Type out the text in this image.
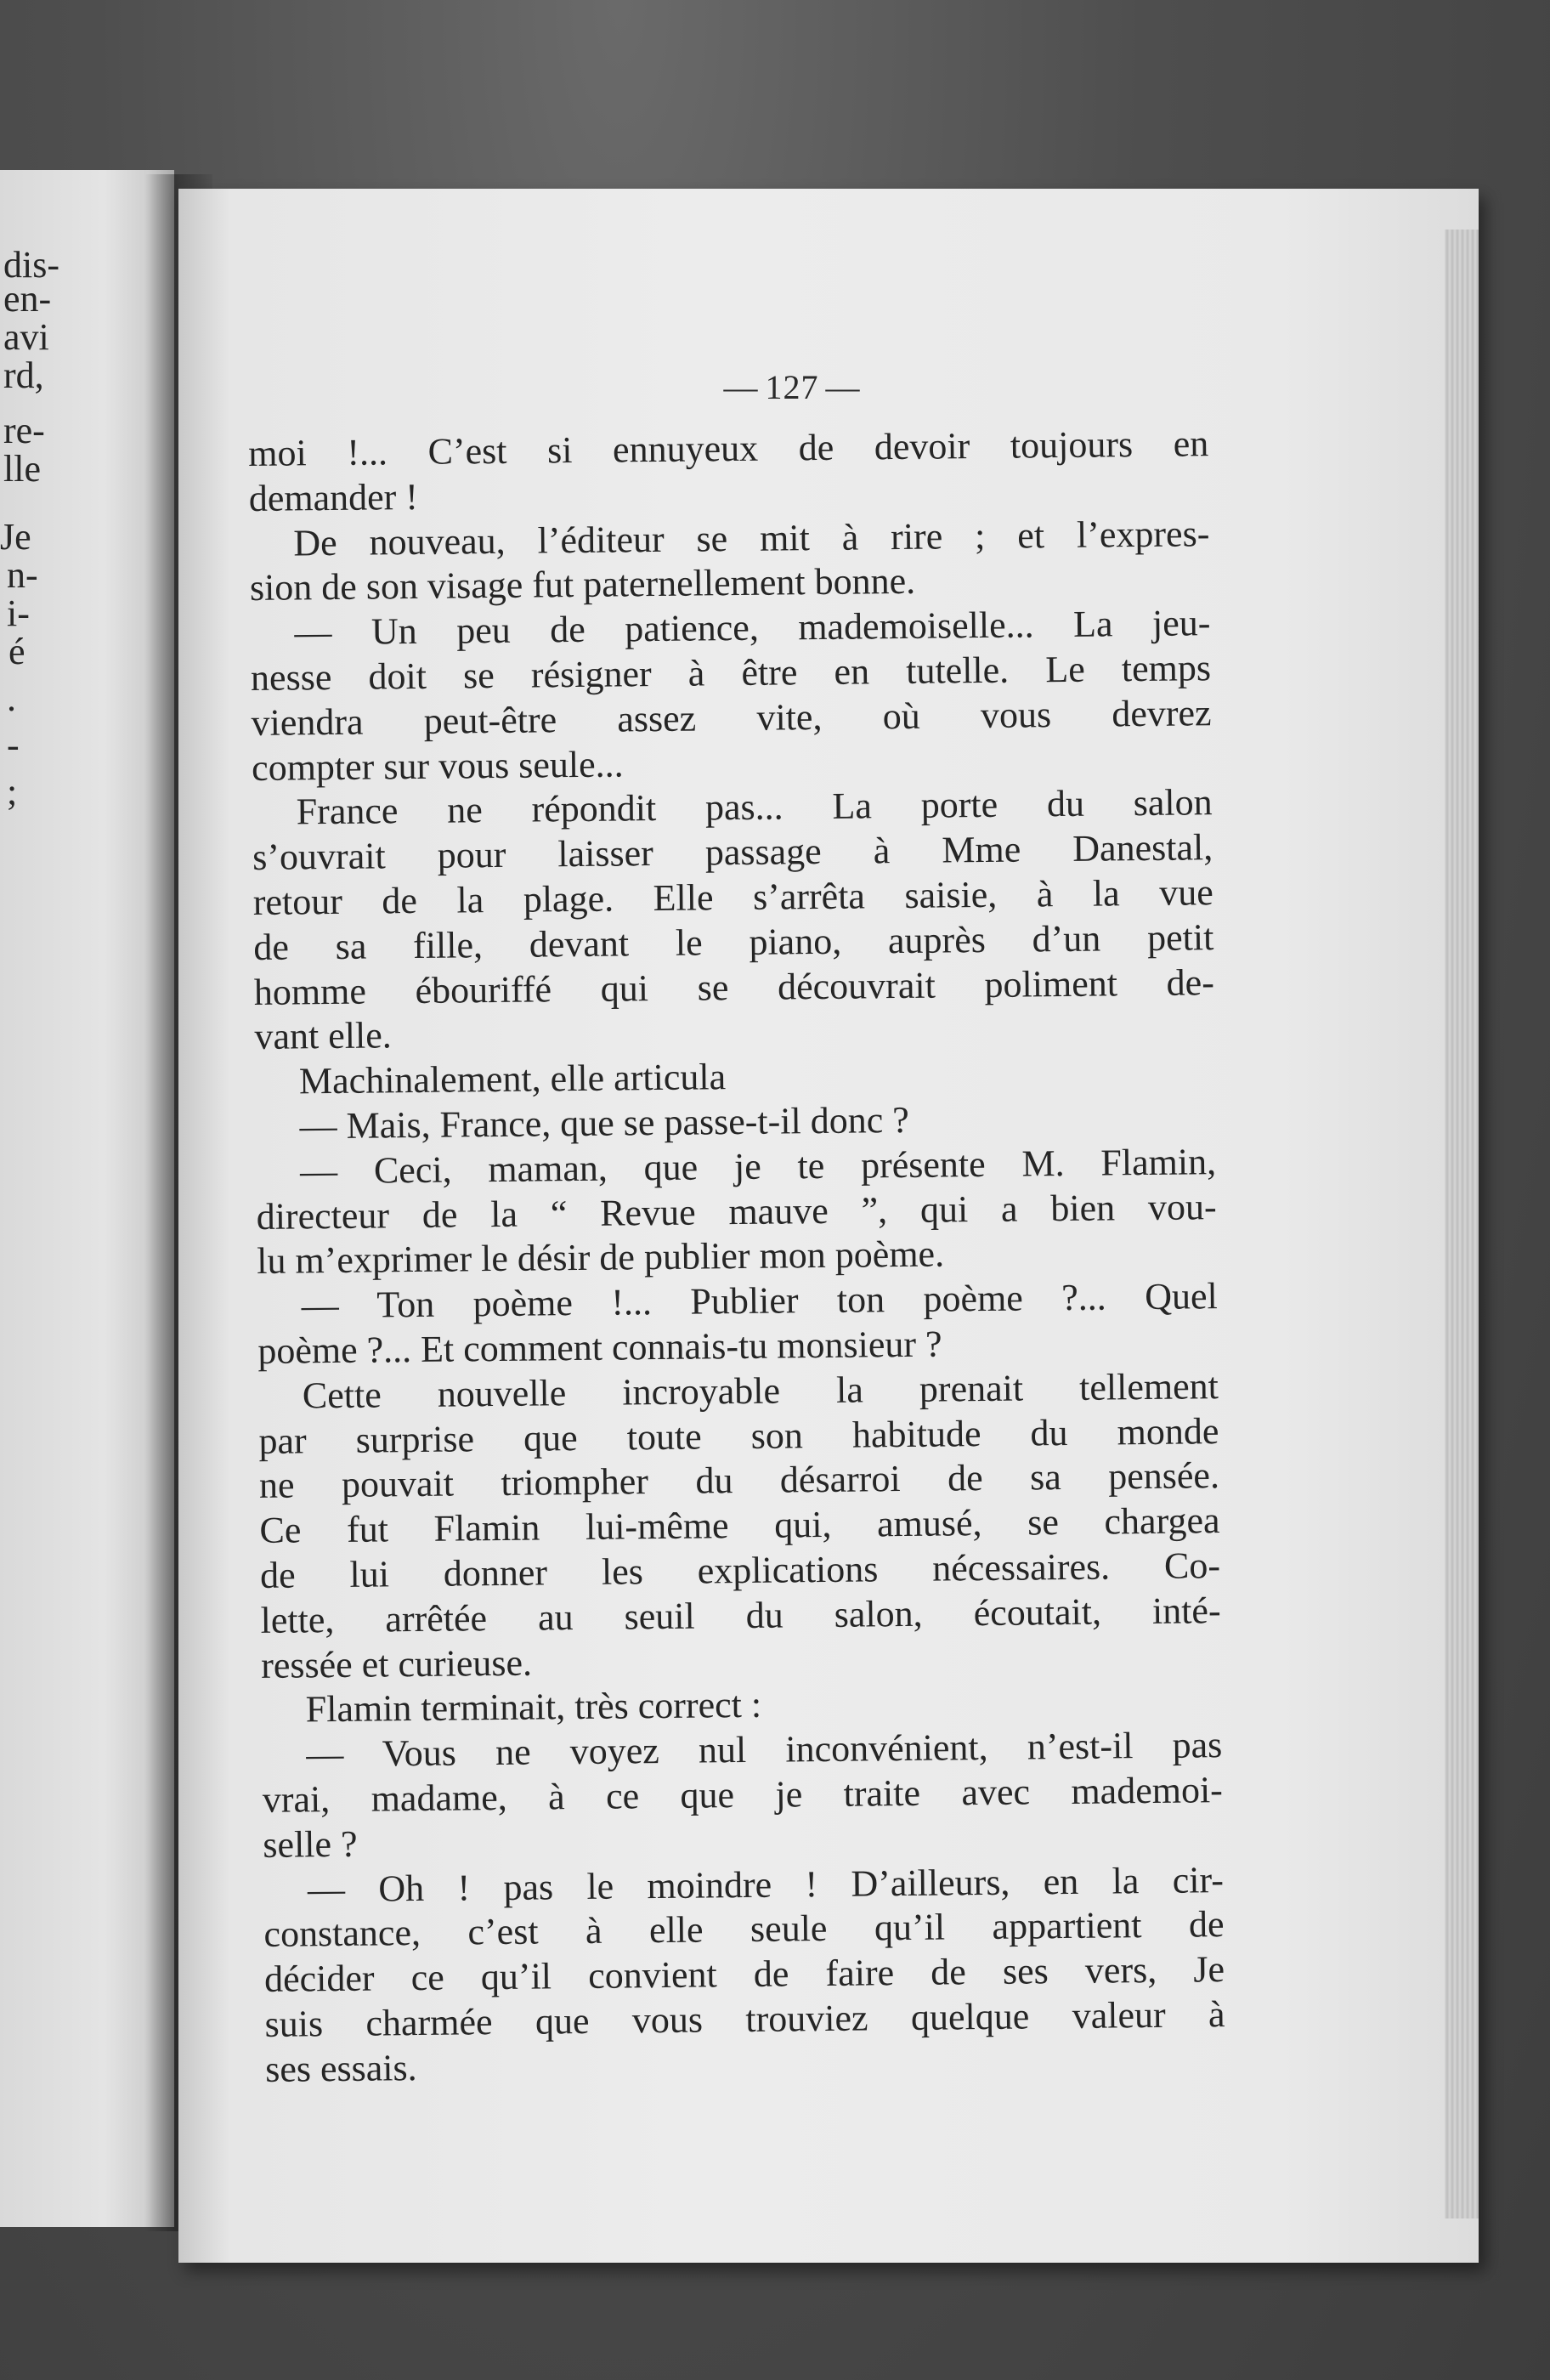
dis-
en-
avi
rd,
re-
lle
Je
n-
i-
é
.
-
;
— 127 —
moi !... C’est si ennuyeux de devoir toujours en
demander !
De nouveau, l’éditeur se mit à rire ; et l’expres-
sion de son visage fut paternellement bonne.
— Un peu de patience, mademoiselle... La jeu-
nesse doit se résigner à être en tutelle. Le temps
viendra peut-être assez vite, où vous devrez
compter sur vous seule...
France ne répondit pas... La porte du salon
s’ouvrait pour laisser passage à Mme Danestal,
retour de la plage. Elle s’arrêta saisie, à la vue
de sa fille, devant le piano, auprès d’un petit
homme ébouriffé qui se découvrait poliment de-
vant elle.
Machinalement, elle articula
— Mais, France, que se passe-t-il donc ?
— Ceci, maman, que je te présente M. Flamin,
directeur de la “ Revue mauve ”, qui a bien vou-
lu m’exprimer le désir de publier mon poème.
— Ton poème !... Publier ton poème ?... Quel
poème ?... Et comment connais-tu monsieur ?
Cette nouvelle incroyable la prenait tellement
par surprise que toute son habitude du monde
ne pouvait triompher du désarroi de sa pensée.
Ce fut Flamin lui-même qui, amusé, se chargea
de lui donner les explications nécessaires. Co-
lette, arrêtée au seuil du salon, écoutait, inté-
ressée et curieuse.
Flamin terminait, très correct :
— Vous ne voyez nul inconvénient, n’est-il pas
vrai, madame, à ce que je traite avec mademoi-
selle ?
— Oh ! pas le moindre ! D’ailleurs, en la cir-
constance, c’est à elle seule qu’il appartient de
décider ce qu’il convient de faire de ses vers, Je
suis charmée que vous trouviez quelque valeur à
ses essais.
